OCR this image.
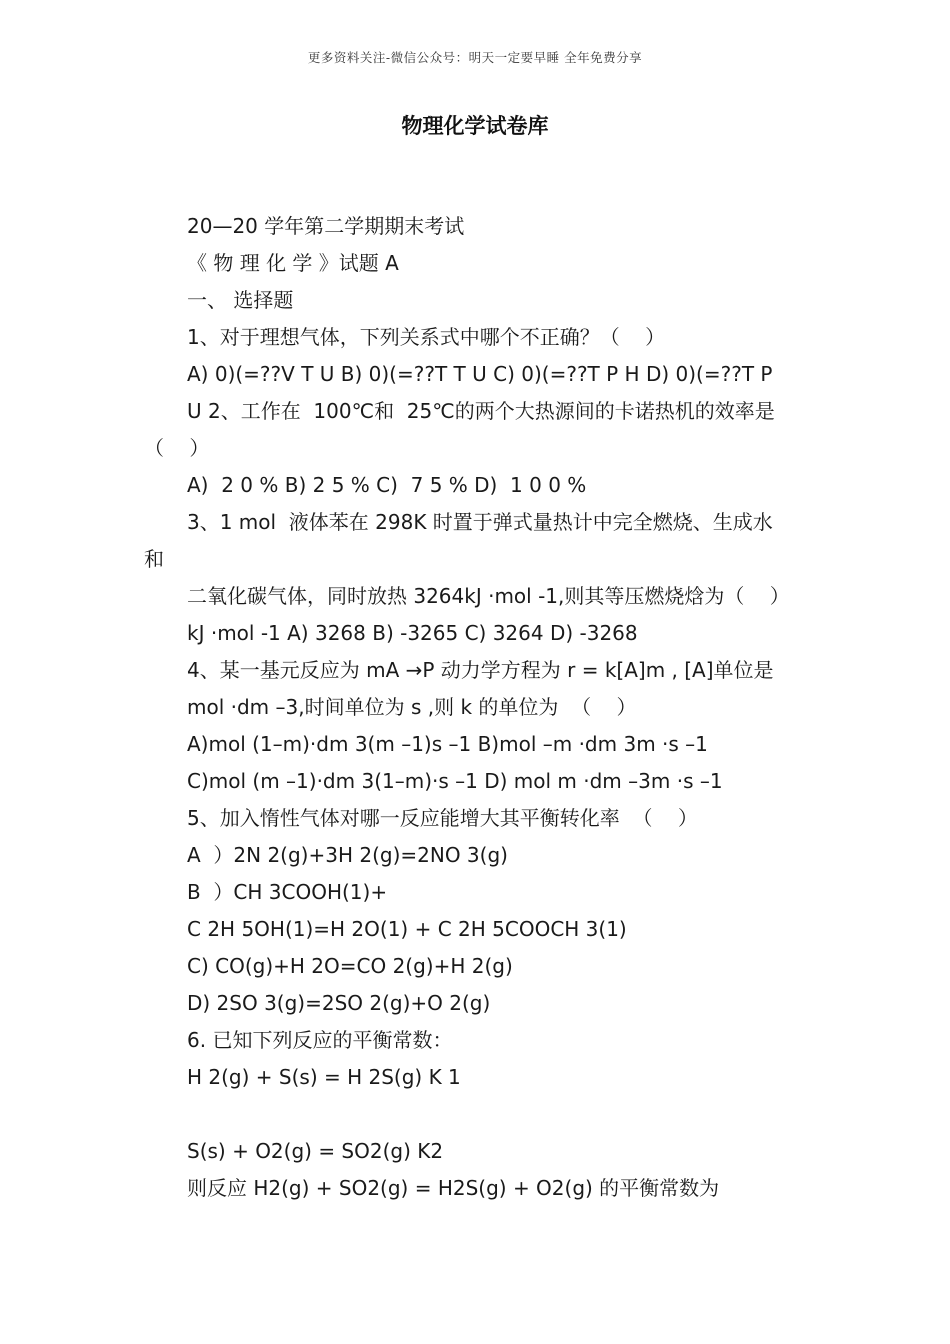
更多资料关注-微信公众号：明天一定要早睡 全年免费分享
物理化学试卷库
20—20 学年第二学期期末考试
《 物 理 化 学 》试题 A
一、 选择题
1、对于理想气体，下列关系式中哪个不正确？（    ）
A) 0)(=??V T U B) 0)(=??T T U C) 0)(=??T P H D) 0)(=??T P
U 2、工作在  100℃和  25℃的两个大热源间的卡诺热机的效率是
（    ）
A)  2 0 % B) 2 5 % C)  7 5 % D)  1 0 0 %
3、1 mol  液体苯在 298K 时置于弹式量热计中完全燃烧、生成水
和
二氧化碳气体，同时放热 3264kJ ·mol -1,则其等压燃烧焓为（    ）
kJ ·mol -1 A) 3268 B) -3265 C) 3264 D) -3268
4、某一基元反应为 mA →P 动力学方程为 r = k[A]m , [A]单位是
mol ·dm –3,时间单位为 s ,则 k 的单位为  （    ）
A)mol (1–m)·dm 3(m –1)s –1 B)mol –m ·dm 3m ·s –1
C)mol (m –1)·dm 3(1–m)·s –1 D) mol m ·dm –3m ·s –1
5、加入惰性气体对哪一反应能增大其平衡转化率  （    ）
A  ）2N 2(g)+3H 2(g)=2NO 3(g)
B  ）CH 3COOH(1)+
C 2H 5OH(1)=H 2O(1) + C 2H 5COOCH 3(1)
C) CO(g)+H 2O=CO 2(g)+H 2(g)
D) 2SO 3(g)=2SO 2(g)+O 2(g)
6. 已知下列反应的平衡常数：
H 2(g) + S(s) = H 2S(g) K 1
S(s) + O2(g) = SO2(g) K2
则反应 H2(g) + SO2(g) = H2S(g) + O2(g) 的平衡常数为
